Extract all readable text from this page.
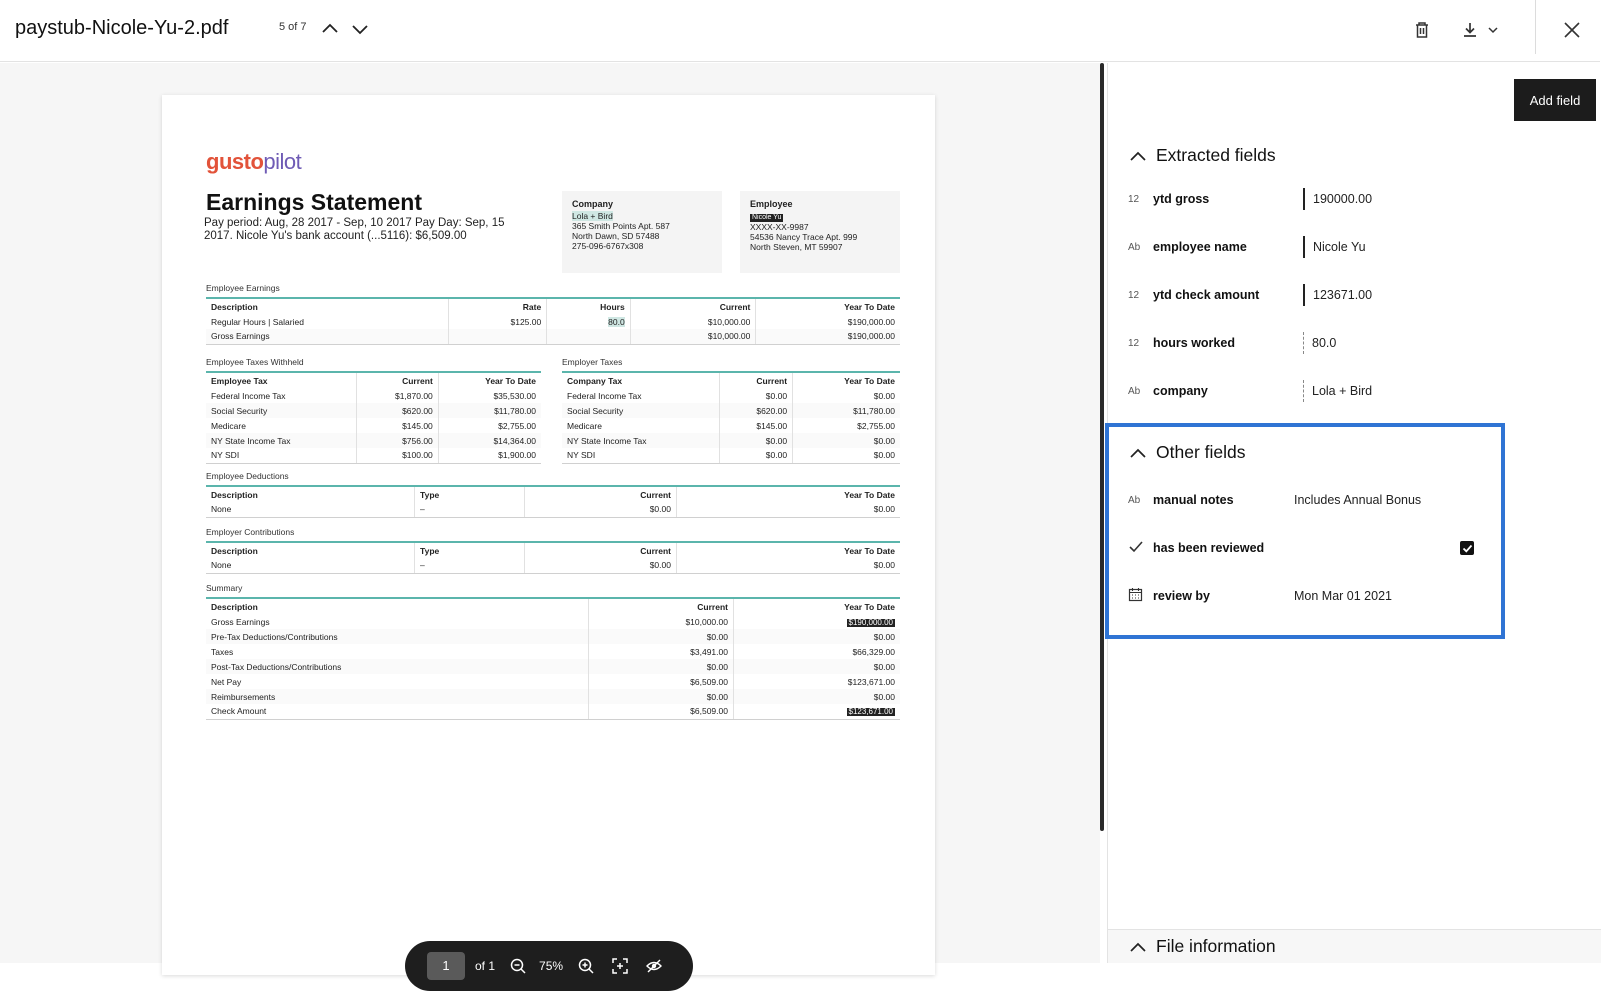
paystub-Nicole-Yu-2.pdf	5 of 7
gustopilot
Earnings Statement
Pay period: Aug, 28 2017 - Sep, 10 2017 Pay Day: Sep, 15 2017. Nicole Yu's bank account (...5116): $6,509.00
Company
Lola + Bird
365 Smith Points Apt. 587
North Dawn, SD 57488
275-096-6767x308
Employee
Nicole Yu
XXXX-XX-9987
54536 Nancy Trace Apt. 999
North Steven, MT 59907
Employee Earnings
Description	Rate	Hours	Current	Year To Date
Regular Hours | Salaried	$125.00	80.0	$10,000.00	$190,000.00
Gross Earnings			$10,000.00	$190,000.00
Employee Taxes Withheld
Employee Tax	Current	Year To Date
Federal Income Tax	$1,870.00	$35,530.00
Social Security	$620.00	$11,780.00
Medicare	$145.00	$2,755.00
NY State Income Tax	$756.00	$14,364.00
NY SDI	$100.00	$1,900.00
Employer Taxes
Company Tax	Current	Year To Date
Federal Income Tax	$0.00	$0.00
Social Security	$620.00	$11,780.00
Medicare	$145.00	$2,755.00
NY State Income Tax	$0.00	$0.00
NY SDI	$0.00	$0.00
Employee Deductions
Description	Type	Current	Year To Date
None	–	$0.00	$0.00
Employer Contributions
Description	Type	Current	Year To Date
None	–	$0.00	$0.00
Summary
Description	Current	Year To Date
Gross Earnings	$10,000.00	$190,000.00
Pre-Tax Deductions/Contributions	$0.00	$0.00
Taxes	$3,491.00	$66,329.00
Post-Tax Deductions/Contributions	$0.00	$0.00
Net Pay	$6,509.00	$123,671.00
Reimbursements	$0.00	$0.00
Check Amount	$6,509.00	$123,671.00
1
of 1	75%
Add field
Extracted fields
12	ytd gross	190000.00
Ab	employee name	Nicole Yu
12	ytd check amount	123671.00
12	hours worked	80.0
Ab	company	Lola + Bird
Other fields
Ab	manual notes	Includes Annual Bonus
has been reviewed
review by	Mon Mar 01 2021
File information
